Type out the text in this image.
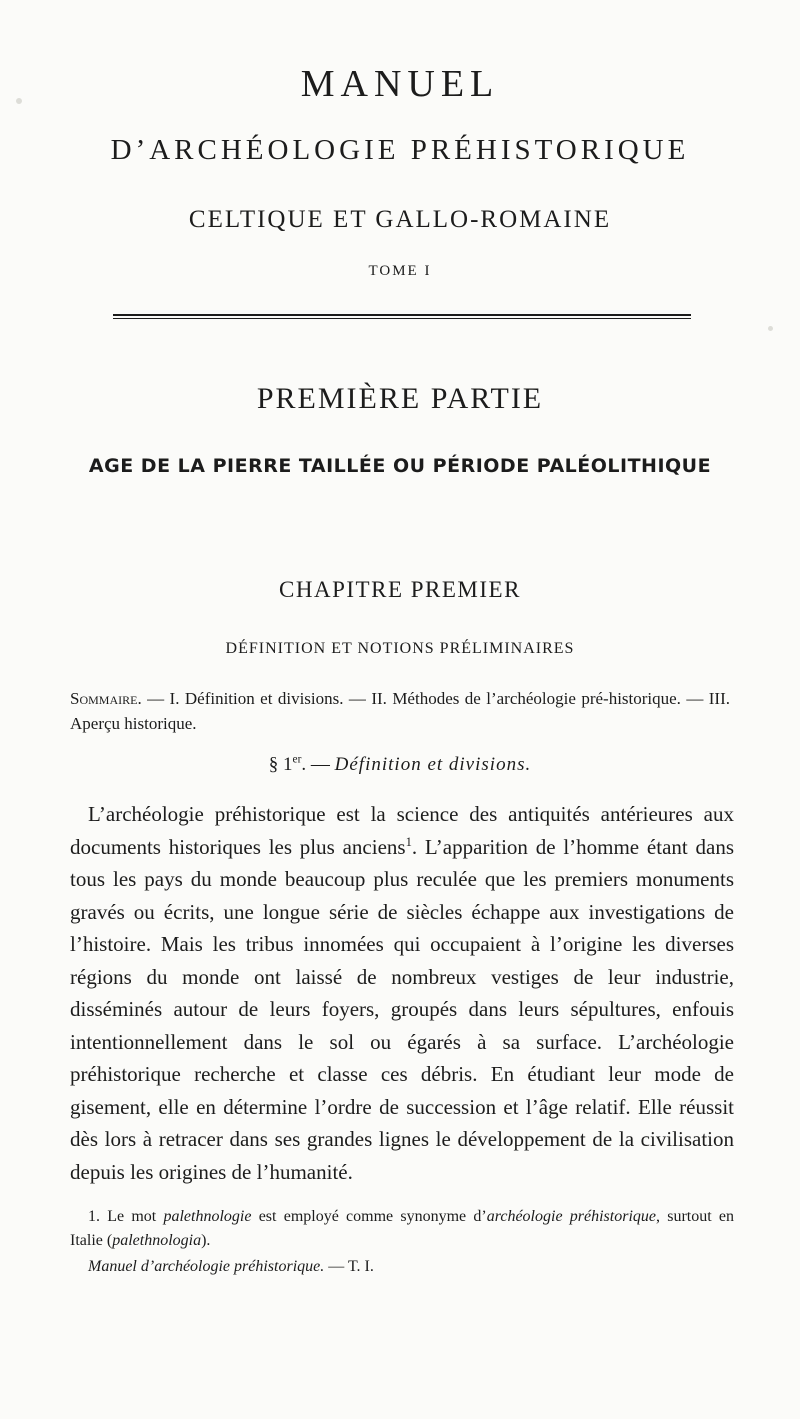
MANUEL
D’ARCHÉOLOGIE PRÉHISTORIQUE
CELTIQUE ET GALLO-ROMAINE
TOME I
PREMIÈRE PARTIE
AGE DE LA PIERRE TAILLÉE OU PÉRIODE PALÉOLITHIQUE
CHAPITRE PREMIER
DÉFINITION ET NOTIONS PRÉLIMINAIRES
Sommaire. — I. Définition et divisions. — II. Méthodes de l’archéologie pré-historique. — III. Aperçu historique.
§ 1er. — Définition et divisions.
L’archéologie préhistorique est la science des antiquités antérieures aux documents historiques les plus anciens$^1$. L’apparition de l’homme étant dans tous les pays du monde beaucoup plus reculée que les premiers monuments gravés ou écrits, une longue série de siècles échappe aux investigations de l’histoire. Mais les tribus innomées qui occupaient à l’origine les diverses régions du monde ont laissé de nombreux vestiges de leur industrie, disséminés autour de leurs foyers, groupés dans leurs sépultures, enfouis intentionnellement dans le sol ou égarés à sa surface. L’archéologie préhistorique recherche et classe ces débris. En étudiant leur mode de gisement, elle en détermine l’ordre de succession et l’âge relatif. Elle réussit dès lors à retracer dans ses grandes lignes le développement de la civilisation depuis les origines de l’humanité.
1. Le mot palethnologie est employé comme synonyme d’archéologie préhistorique, surtout en Italie (palethnologia).
Manuel d’archéologie préhistorique. — T. I.
